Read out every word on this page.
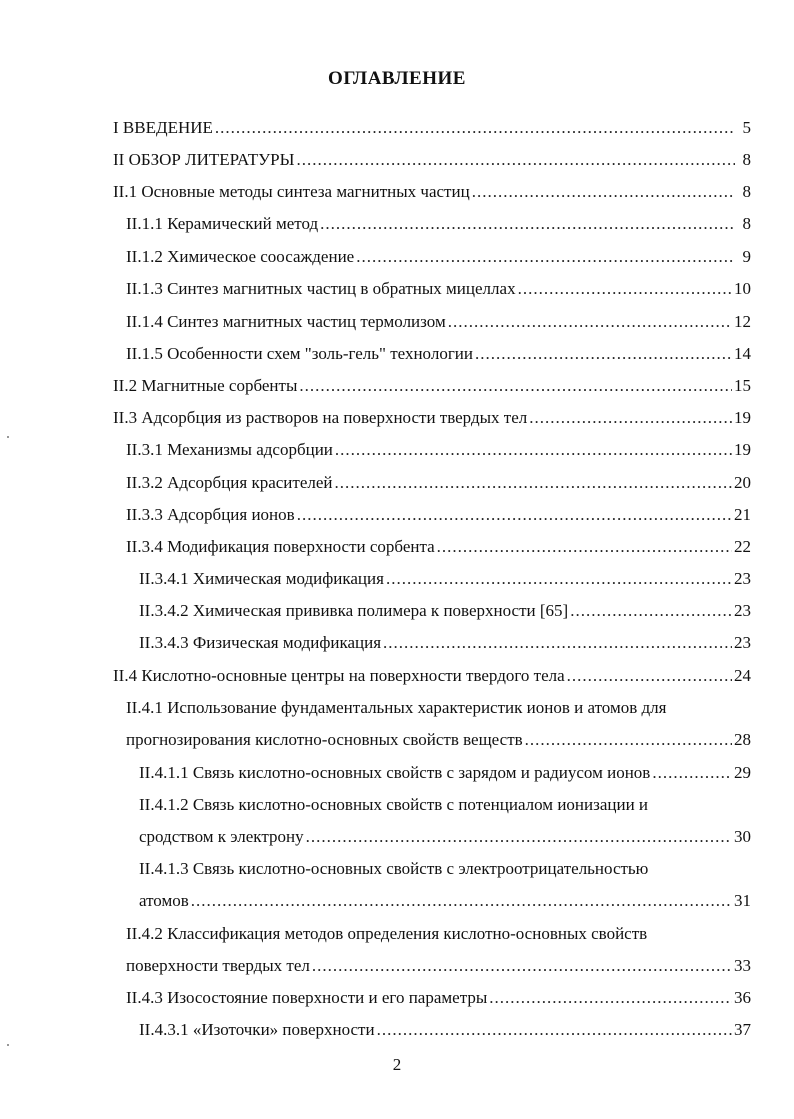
ОГЛАВЛЕНИЕ
I ВВЕДЕНИЕ .....	5
II ОБЗОР ЛИТЕРАТУРЫ .....	8
II.1 Основные методы синтеза магнитных частиц .....	8
II.1.1 Керамический метод .....	8
II.1.2 Химическое соосаждение .....	9
II.1.3 Синтез магнитных частиц в обратных мицеллах .....	10
II.1.4 Синтез магнитных частиц термолизом .....	12
II.1.5 Особенности схем "золь-гель" технологии .....	14
II.2 Магнитные сорбенты .....	15
II.3 Адсорбция из растворов на поверхности твердых тел .....	19
II.3.1 Механизмы адсорбции .....	19
II.3.2 Адсорбция красителей .....	20
II.3.3 Адсорбция ионов .....	21
II.3.4 Модификация поверхности сорбента .....	22
II.3.4.1 Химическая модификация .....	23
II.3.4.2 Химическая прививка полимера к поверхности [65] .....	23
II.3.4.3 Физическая модификация .....	23
II.4 Кислотно-основные центры на поверхности твердого тела .....	24
II.4.1 Использование фундаментальных характеристик ионов и атомов для
прогнозирования кислотно-основных свойств веществ .....	28
II.4.1.1 Связь кислотно-основных свойств с зарядом и радиусом ионов .....	29
II.4.1.2 Связь кислотно-основных свойств с потенциалом ионизации и
сродством к электрону .....	30
II.4.1.3 Связь кислотно-основных свойств с электроотрицательностью
атомов .....	31
II.4.2 Классификация методов определения кислотно-основных свойств
поверхности твердых тел .....	33
II.4.3 Изосостояние поверхности и его параметры .....	36
II.4.3.1 «Изоточки» поверхности .....	37
2
